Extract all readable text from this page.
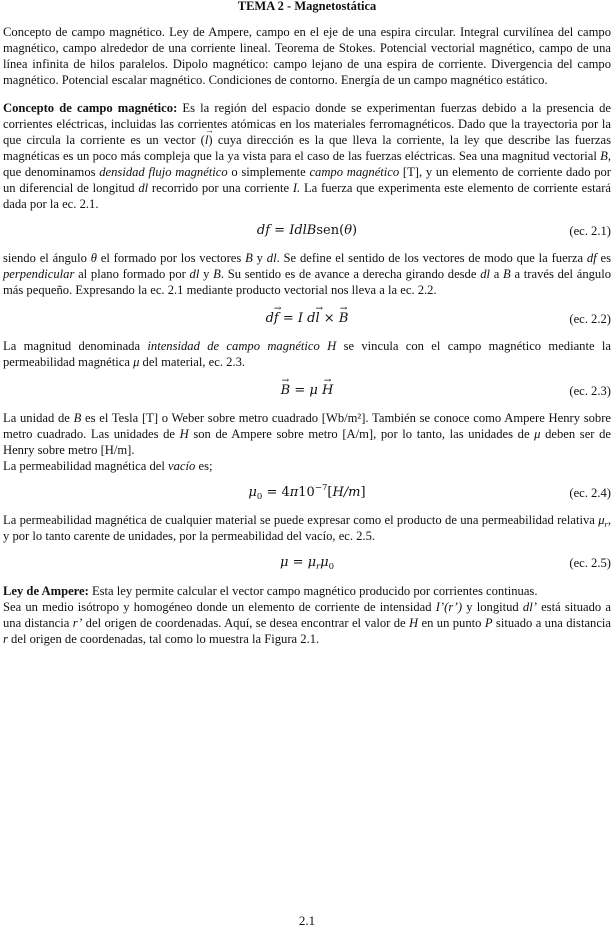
TEMA 2 - Magnetostática

Concepto de campo magnético. Ley de Ampere, campo en el eje de una espira circular. Integral curvilínea del campo magnético, campo alrededor de una corriente lineal. Teorema de Stokes. Potencial vectorial magnético, campo de una línea infinita de hilos paralelos. Dipolo magnético: campo lejano de una espira de corriente. Divergencia del campo magnético. Potencial escalar magnético. Condiciones de contorno. Energía de un campo magnético estático.

Concepto de campo magnético: Es la región del espacio donde se experimentan fuerzas debido a la presencia de corrientes eléctricas, incluidas las corrientes atómicas en los materiales ferromagnéticos. Dado que la trayectoria por la que circula la corriente es un vector (→ l) cuya dirección es la que lleva la corriente, la ley que describe las fuerzas magnéticas es un poco más compleja que la ya vista para el caso de las fuerzas eléctricas. Sea una magnitud vectorial B, que denominamos densidad flujo magnético o simplemente campo magnético [T], y un elemento de corriente dado por un diferencial de longitud dl recorrido por una corriente I. La fuerza que experimenta este elemento de corriente estará dada por la ec. 2.1.

df = IdlBsen(θ)	(ec. 2.1)

siendo el ángulo θ el formado por los vectores B y dl. Se define el sentido de los vectores de modo que la fuerza df es perpendicular al plano formado por dl y B. Su sentido es de avance a derecha girando desde dl a B a través del ángulo más pequeño. Expresando la ec. 2.1 mediante producto vectorial nos lleva a la ec. 2.2.

d→ f = I d→ l × → B	(ec. 2.2)

La magnitud denominada intensidad de campo magnético H se vincula con el campo magnético mediante la permeabilidad magnética μ del material, ec. 2.3.

→ B = μ → H	(ec. 2.3)

La unidad de B es el Tesla [T] o Weber sobre metro cuadrado [Wb/m²]. También se conoce como Ampere Henry sobre metro cuadrado. Las unidades de H son de Ampere sobre metro [A/m], por lo tanto, las unidades de μ deben ser de Henry sobre metro [H/m].
La permeabilidad magnética del vacío es;

$\mu_0 = 4\pi 10^{-7}[H/m]$	(ec. 2.4)

La permeabilidad magnética de cualquier material se puede expresar como el producto de una permeabilidad relativa $\mu_r$, y por lo tanto carente de unidades, por la permeabilidad del vacío, ec. 2.5.

$\mu = \mu_r\mu_0$	(ec. 2.5)

Ley de Ampere: Esta ley permite calcular el vector campo magnético producido por corrientes continuas.
Sea un medio isótropo y homogéneo donde un elemento de corriente de intensidad I’(r’) y longitud dl’ está situado a una distancia r’ del origen de coordenadas. Aquí, se desea encontrar el valor de H en un punto P situado a una distancia r del origen de coordenadas, tal como lo muestra la Figura 2.1.

2.1
